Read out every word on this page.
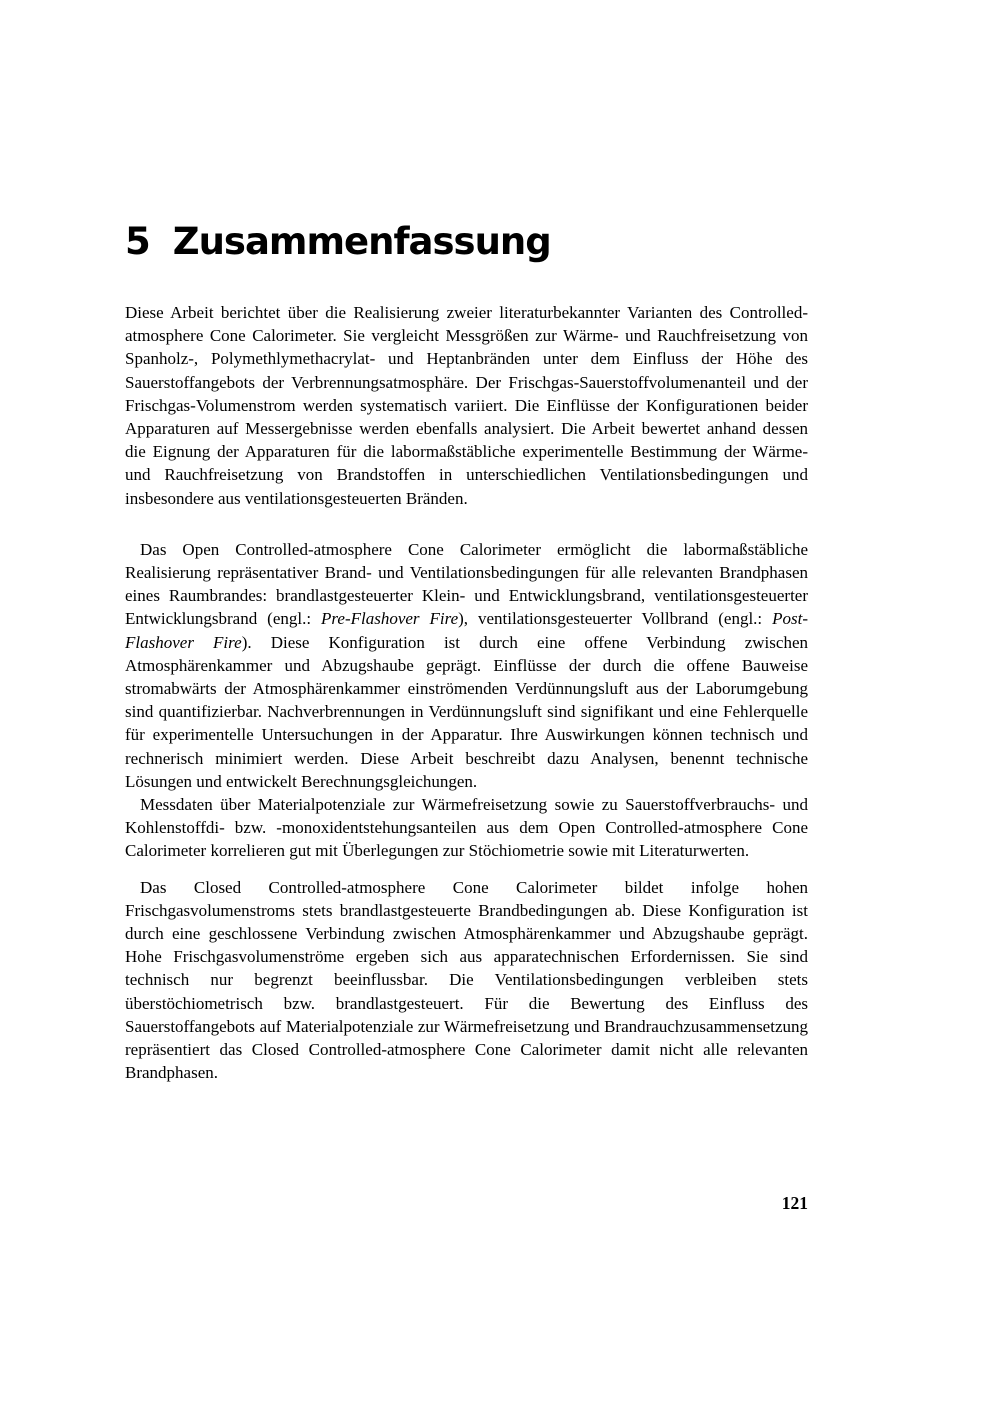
5 Zusammenfassung

Diese Arbeit berichtet über die Realisierung zweier literaturbekannter Varianten des Controlled-atmosphere Cone Calorimeter. Sie vergleicht Messgrößen zur Wärme- und Rauchfreisetzung von Spanholz-, Polymethlymethacrylat- und Heptanbränden unter dem Einfluss der Höhe des Sauerstoffangebots der Verbrennungsatmosphäre. Der Frischgas-Sauerstoffvolumenanteil und der Frischgas-Volumenstrom werden systematisch variiert. Die Einflüsse der Konfigurationen beider Apparaturen auf Messergebnisse werden ebenfalls analysiert. Die Arbeit bewertet anhand dessen die Eignung der Apparaturen für die labormaßstäbliche experimentelle Bestimmung der Wärme- und Rauchfreisetzung von Brandstoffen in unterschiedlichen Ventilationsbedingungen und insbesondere aus ventilationsgesteuerten Bränden.

Das Open Controlled-atmosphere Cone Calorimeter ermöglicht die labormaßstäbliche Realisierung repräsentativer Brand- und Ventilationsbedingungen für alle relevanten Brandphasen eines Raumbrandes: brandlastgesteuerter Klein- und Entwicklungsbrand, ventilationsgesteuerter Entwicklungsbrand (engl.: Pre-Flashover Fire), ventilationsgesteuerter Vollbrand (engl.: Post-Flashover Fire). Diese Konfiguration ist durch eine offene Verbindung zwischen Atmosphärenkammer und Abzugshaube geprägt. Einflüsse der durch die offene Bauweise stromabwärts der Atmosphärenkammer einströmenden Verdünnungsluft aus der Laborumgebung sind quantifizierbar. Nachverbrennungen in Verdünnungsluft sind signifikant und eine Fehlerquelle für experimentelle Untersuchungen in der Apparatur. Ihre Auswirkungen können technisch und rechnerisch minimiert werden. Diese Arbeit beschreibt dazu Analysen, benennt technische Lösungen und entwickelt Berechnungsgleichungen.

Messdaten über Materialpotenziale zur Wärmefreisetzung sowie zu Sauerstoffverbrauchs- und Kohlenstoffdi- bzw. -monoxidentstehungsanteilen aus dem Open Controlled-atmosphere Cone Calorimeter korrelieren gut mit Überlegungen zur Stöchiometrie sowie mit Literaturwerten.

Das Closed Controlled-atmosphere Cone Calorimeter bildet infolge hohen Frischgasvolumenstroms stets brandlastgesteuerte Brandbedingungen ab. Diese Konfiguration ist durch eine geschlossene Verbindung zwischen Atmosphärenkammer und Abzugshaube geprägt. Hohe Frischgasvolumenströme ergeben sich aus apparatechnischen Erfordernissen. Sie sind technisch nur begrenzt beeinflussbar. Die Ventilationsbedingungen verbleiben stets überstöchiometrisch bzw. brandlastgesteuert. Für die Bewertung des Einfluss des Sauerstoffangebots auf Materialpotenziale zur Wärmefreisetzung und Brandrauchzusammensetzung repräsentiert das Closed Controlled-atmosphere Cone Calorimeter damit nicht alle relevanten Brandphasen.

121
